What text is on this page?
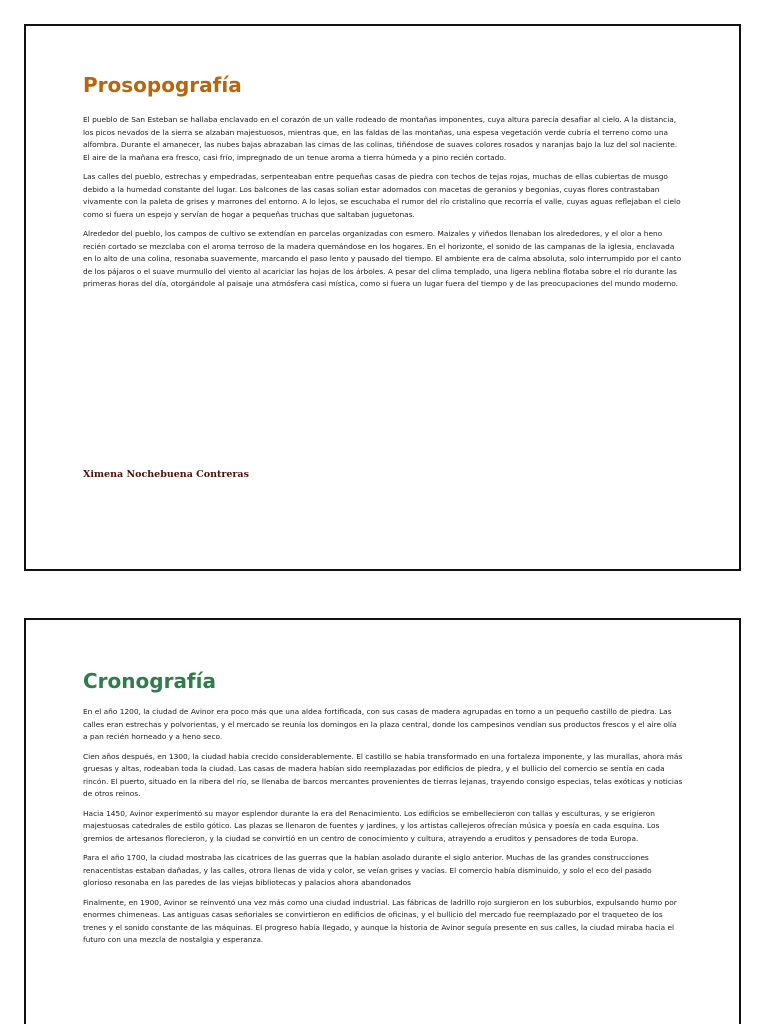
Prosopografía

El pueblo de San Esteban se hallaba enclavado en el corazón de un valle rodeado de montañas imponentes, cuya altura parecía desafiar al cielo. A la distancia, los picos nevados de la sierra se alzaban majestuosos, mientras que, en las faldas de las montañas, una espesa vegetación verde cubría el terreno como una alfombra. Durante el amanecer, las nubes bajas abrazaban las cimas de las colinas, tiñéndose de suaves colores rosados y naranjas bajo la luz del sol naciente. El aire de la mañana era fresco, casi frío, impregnado de un tenue aroma a tierra húmeda y a pino recién cortado.

Las calles del pueblo, estrechas y empedradas, serpenteaban entre pequeñas casas de piedra con techos de tejas rojas, muchas de ellas cubiertas de musgo debido a la humedad constante del lugar. Los balcones de las casas solían estar adornados con macetas de geranios y begonias, cuyas flores contrastaban vivamente con la paleta de grises y marrones del entorno. A lo lejos, se escuchaba el rumor del río cristalino que recorría el valle, cuyas aguas reflejaban el cielo como si fuera un espejo y servían de hogar a pequeñas truchas que saltaban juguetonas.

Alrededor del pueblo, los campos de cultivo se extendían en parcelas organizadas con esmero. Maizales y viñedos llenaban los alrededores, y el olor a heno recién cortado se mezclaba con el aroma terroso de la madera quemándose en los hogares. En el horizonte, el sonido de las campanas de la iglesia, enclavada en lo alto de una colina, resonaba suavemente, marcando el paso lento y pausado del tiempo. El ambiente era de calma absoluta, solo interrumpido por el canto de los pájaros o el suave murmullo del viento al acariciar las hojas de los árboles. A pesar del clima templado, una ligera neblina flotaba sobre el río durante las primeras horas del día, otorgándole al paisaje una atmósfera casi mística, como si fuera un lugar fuera del tiempo y de las preocupaciones del mundo moderno.

Ximena Nochebuena Contreras

Cronografía

En el año 1200, la ciudad de Avinor era poco más que una aldea fortificada, con sus casas de madera agrupadas en torno a un pequeño castillo de piedra. Las calles eran estrechas y polvorientas, y el mercado se reunía los domingos en la plaza central, donde los campesinos vendían sus productos frescos y el aire olía a pan recién horneado y a heno seco.

Cien años después, en 1300, la ciudad había crecido considerablemente. El castillo se había transformado en una fortaleza imponente, y las murallas, ahora más gruesas y altas, rodeaban toda la ciudad. Las casas de madera habían sido reemplazadas por edificios de piedra, y el bullicio del comercio se sentía en cada rincón. El puerto, situado en la ribera del río, se llenaba de barcos mercantes provenientes de tierras lejanas, trayendo consigo especias, telas exóticas y noticias de otros reinos.

Hacia 1450, Avinor experimentó su mayor esplendor durante la era del Renacimiento. Los edificios se embellecieron con tallas y esculturas, y se erigieron majestuosas catedrales de estilo gótico. Las plazas se llenaron de fuentes y jardines, y los artistas callejeros ofrecían música y poesía en cada esquina. Los gremios de artesanos florecieron, y la ciudad se convirtió en un centro de conocimiento y cultura, atrayendo a eruditos y pensadores de toda Europa.

Para el año 1700, la ciudad mostraba las cicatrices de las guerras que la habían asolado durante el siglo anterior. Muchas de las grandes construcciones renacentistas estaban dañadas, y las calles, otrora llenas de vida y color, se veían grises y vacías. El comercio había disminuido, y solo el eco del pasado glorioso resonaba en las paredes de las viejas bibliotecas y palacios ahora abandonados

Finalmente, en 1900, Avinor se reinventó una vez más como una ciudad industrial. Las fábricas de ladrillo rojo surgieron en los suburbios, expulsando humo por enormes chimeneas. Las antiguas casas señoriales se convirtieron en edificios de oficinas, y el bullicio del mercado fue reemplazado por el traqueteo de los trenes y el sonido constante de las máquinas. El progreso había llegado, y aunque la historia de Avinor seguía presente en sus calles, la ciudad miraba hacia el futuro con una mezcla de nostalgia y esperanza.
